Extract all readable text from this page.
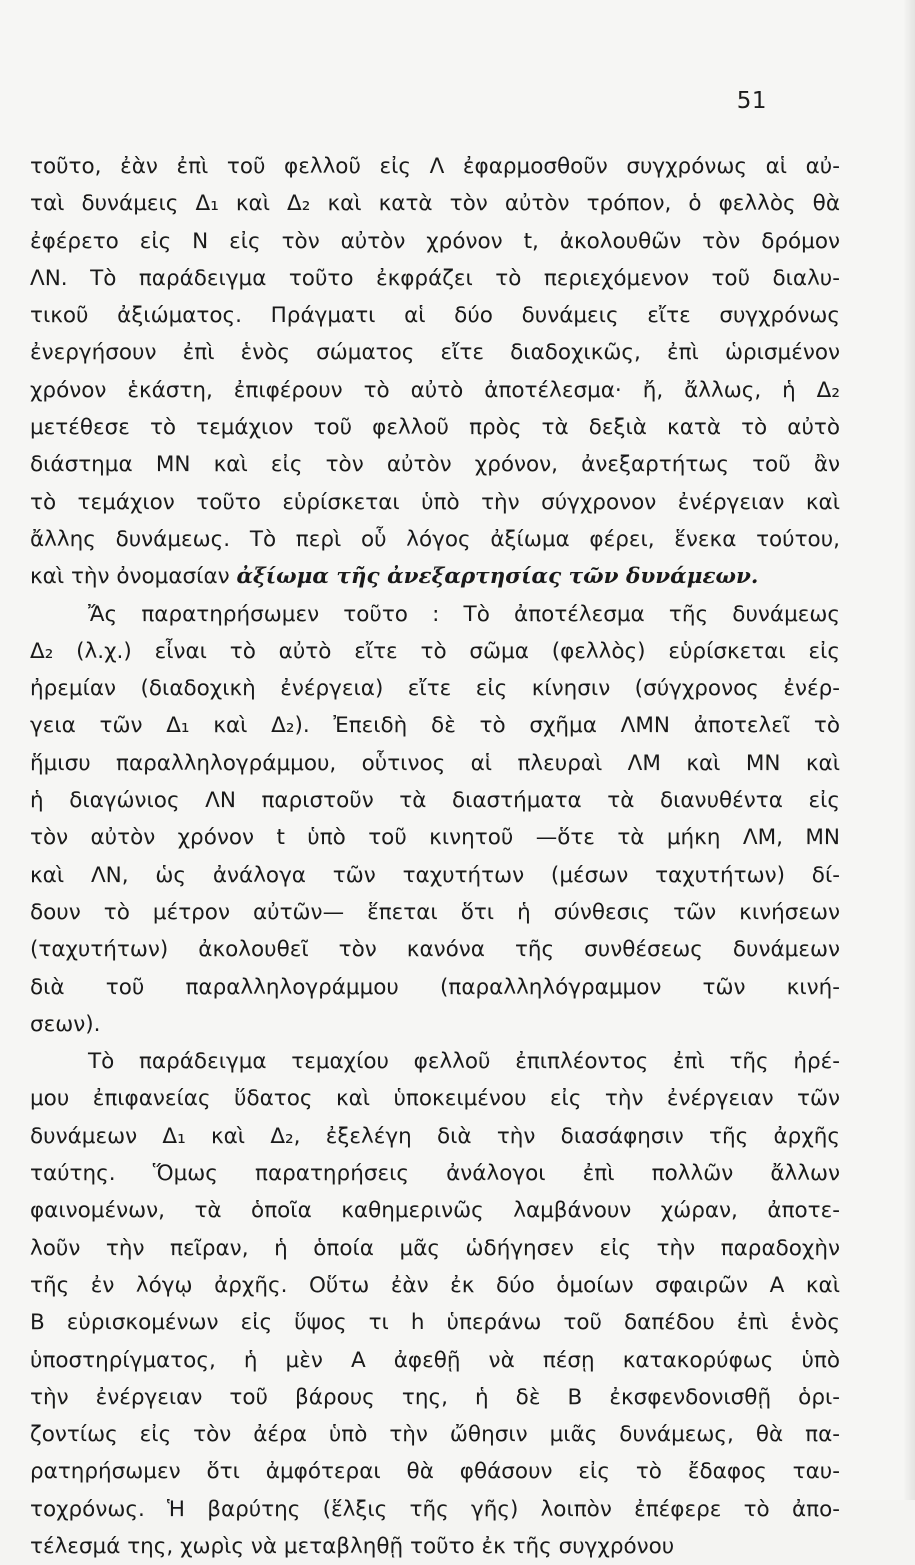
51
τοῦτο, ἐὰν ἐπὶ τοῦ φελλοῦ εἰς Λ ἐφαρμοσθοῦν συγχρόνως αἱ αὐ-
ταὶ δυνάμεις Δ₁ καὶ Δ₂ καὶ κατὰ τὸν αὐτὸν τρόπον, ὁ φελλὸς θὰ
ἐφέρετο εἰς Ν εἰς τὸν αὐτὸν χρόνον t, ἀκολουθῶν τὸν δρόμον
ΛΝ. Τὸ παράδειγμα τοῦτο ἐκφράζει τὸ περιεχόμενον τοῦ διαλυ-
τικοῦ ἀξιώματος. Πράγματι αἱ δύο δυνάμεις εἴτε συγχρόνως
ἐνεργήσουν ἐπὶ ἑνὸς σώματος εἴτε διαδοχικῶς, ἐπὶ ὡρισμένον
χρόνον ἑκάστη, ἐπιφέρουν τὸ αὐτὸ ἀποτέλεσμα· ἤ, ἄλλως, ἡ Δ₂
μετέθεσε τὸ τεμάχιον τοῦ φελλοῦ πρὸς τὰ δεξιὰ κατὰ τὸ αὐτὸ
διάστημα ΜΝ καὶ εἰς τὸν αὐτὸν χρόνον, ἀνεξαρτήτως τοῦ ἂν
τὸ τεμάχιον τοῦτο εὑρίσκεται ὑπὸ τὴν σύγχρονον ἐνέργειαν καὶ
ἄλλης δυνάμεως. Τὸ περὶ οὗ λόγος ἀξίωμα φέρει, ἕνεκα τούτου,
καὶ τὴν ὀνομασίαν ἀξίωμα τῆς ἀνεξαρτησίας τῶν δυνάμεων.
Ἄς παρατηρήσωμεν τοῦτο : Τὸ ἀποτέλεσμα τῆς δυνάμεως
Δ₂ (λ.χ.) εἶναι τὸ αὐτὸ εἴτε τὸ σῶμα (φελλὸς) εὑρίσκεται εἰς
ἠρεμίαν (διαδοχικὴ ἐνέργεια) εἴτε εἰς κίνησιν (σύγχρονος ἐνέρ-
γεια τῶν Δ₁ καὶ Δ₂). Ἐπειδὴ δὲ τὸ σχῆμα ΛΜΝ ἀποτελεῖ τὸ
ἥμισυ παραλληλογράμμου, οὗτινος αἱ πλευραὶ ΛΜ καὶ ΜΝ καὶ
ἡ διαγώνιος ΛΝ παριστοῦν τὰ διαστήματα τὰ διανυθέντα εἰς
τὸν αὐτὸν χρόνον t ὑπὸ τοῦ κινητοῦ —ὅτε τὰ μήκη ΛΜ, ΜΝ
καὶ ΛΝ, ὡς ἀνάλογα τῶν ταχυτήτων (μέσων ταχυτήτων) δί-
δουν τὸ μέτρον αὐτῶν— ἕπεται ὅτι ἡ σύνθεσις τῶν κινήσεων
(ταχυτήτων) ἀκολουθεῖ τὸν κανόνα τῆς συνθέσεως δυνάμεων
διὰ τοῦ παραλληλογράμμου (παραλληλόγραμμον τῶν κινή-
σεων).
Τὸ παράδειγμα τεμαχίου φελλοῦ ἐπιπλέοντος ἐπὶ τῆς ἠρέ-
μου ἐπιφανείας ὕδατος καὶ ὑποκειμένου εἰς τὴν ἐνέργειαν τῶν
δυνάμεων Δ₁ καὶ Δ₂, ἐξελέγη διὰ τὴν διασάφησιν τῆς ἀρχῆς
ταύτης. Ὅμως παρατηρήσεις ἀνάλογοι ἐπὶ πολλῶν ἄλλων
φαινομένων, τὰ ὁποῖα καθημερινῶς λαμβάνουν χώραν, ἀποτε-
λοῦν τὴν πεῖραν, ἡ ὁποία μᾶς ὡδήγησεν εἰς τὴν παραδοχὴν
τῆς ἐν λόγῳ ἀρχῆς. Οὕτω ἐὰν ἐκ δύο ὁμοίων σφαιρῶν Α καὶ
Β εὑρισκομένων εἰς ὕψος τι h ὑπεράνω τοῦ δαπέδου ἐπὶ ἑνὸς
ὑποστηρίγματος, ἡ μὲν Α ἀφεθῇ νὰ πέσῃ κατακορύφως ὑπὸ
τὴν ἐνέργειαν τοῦ βάρους της, ἡ δὲ Β ἐκσφενδονισθῇ ὁρι-
ζοντίως εἰς τὸν ἀέρα ὑπὸ τὴν ὤθησιν μιᾶς δυνάμεως, θὰ πα-
ρατηρήσωμεν ὅτι ἀμφότεραι θὰ φθάσουν εἰς τὸ ἔδαφος ταυ-
τοχρόνως. Ἡ βαρύτης (ἕλξις τῆς γῆς) λοιπὸν ἐπέφερε τὸ ἀπο-
τέλεσμά της, χωρὶς νὰ μεταβληθῇ τοῦτο ἐκ τῆς συγχρόνου
